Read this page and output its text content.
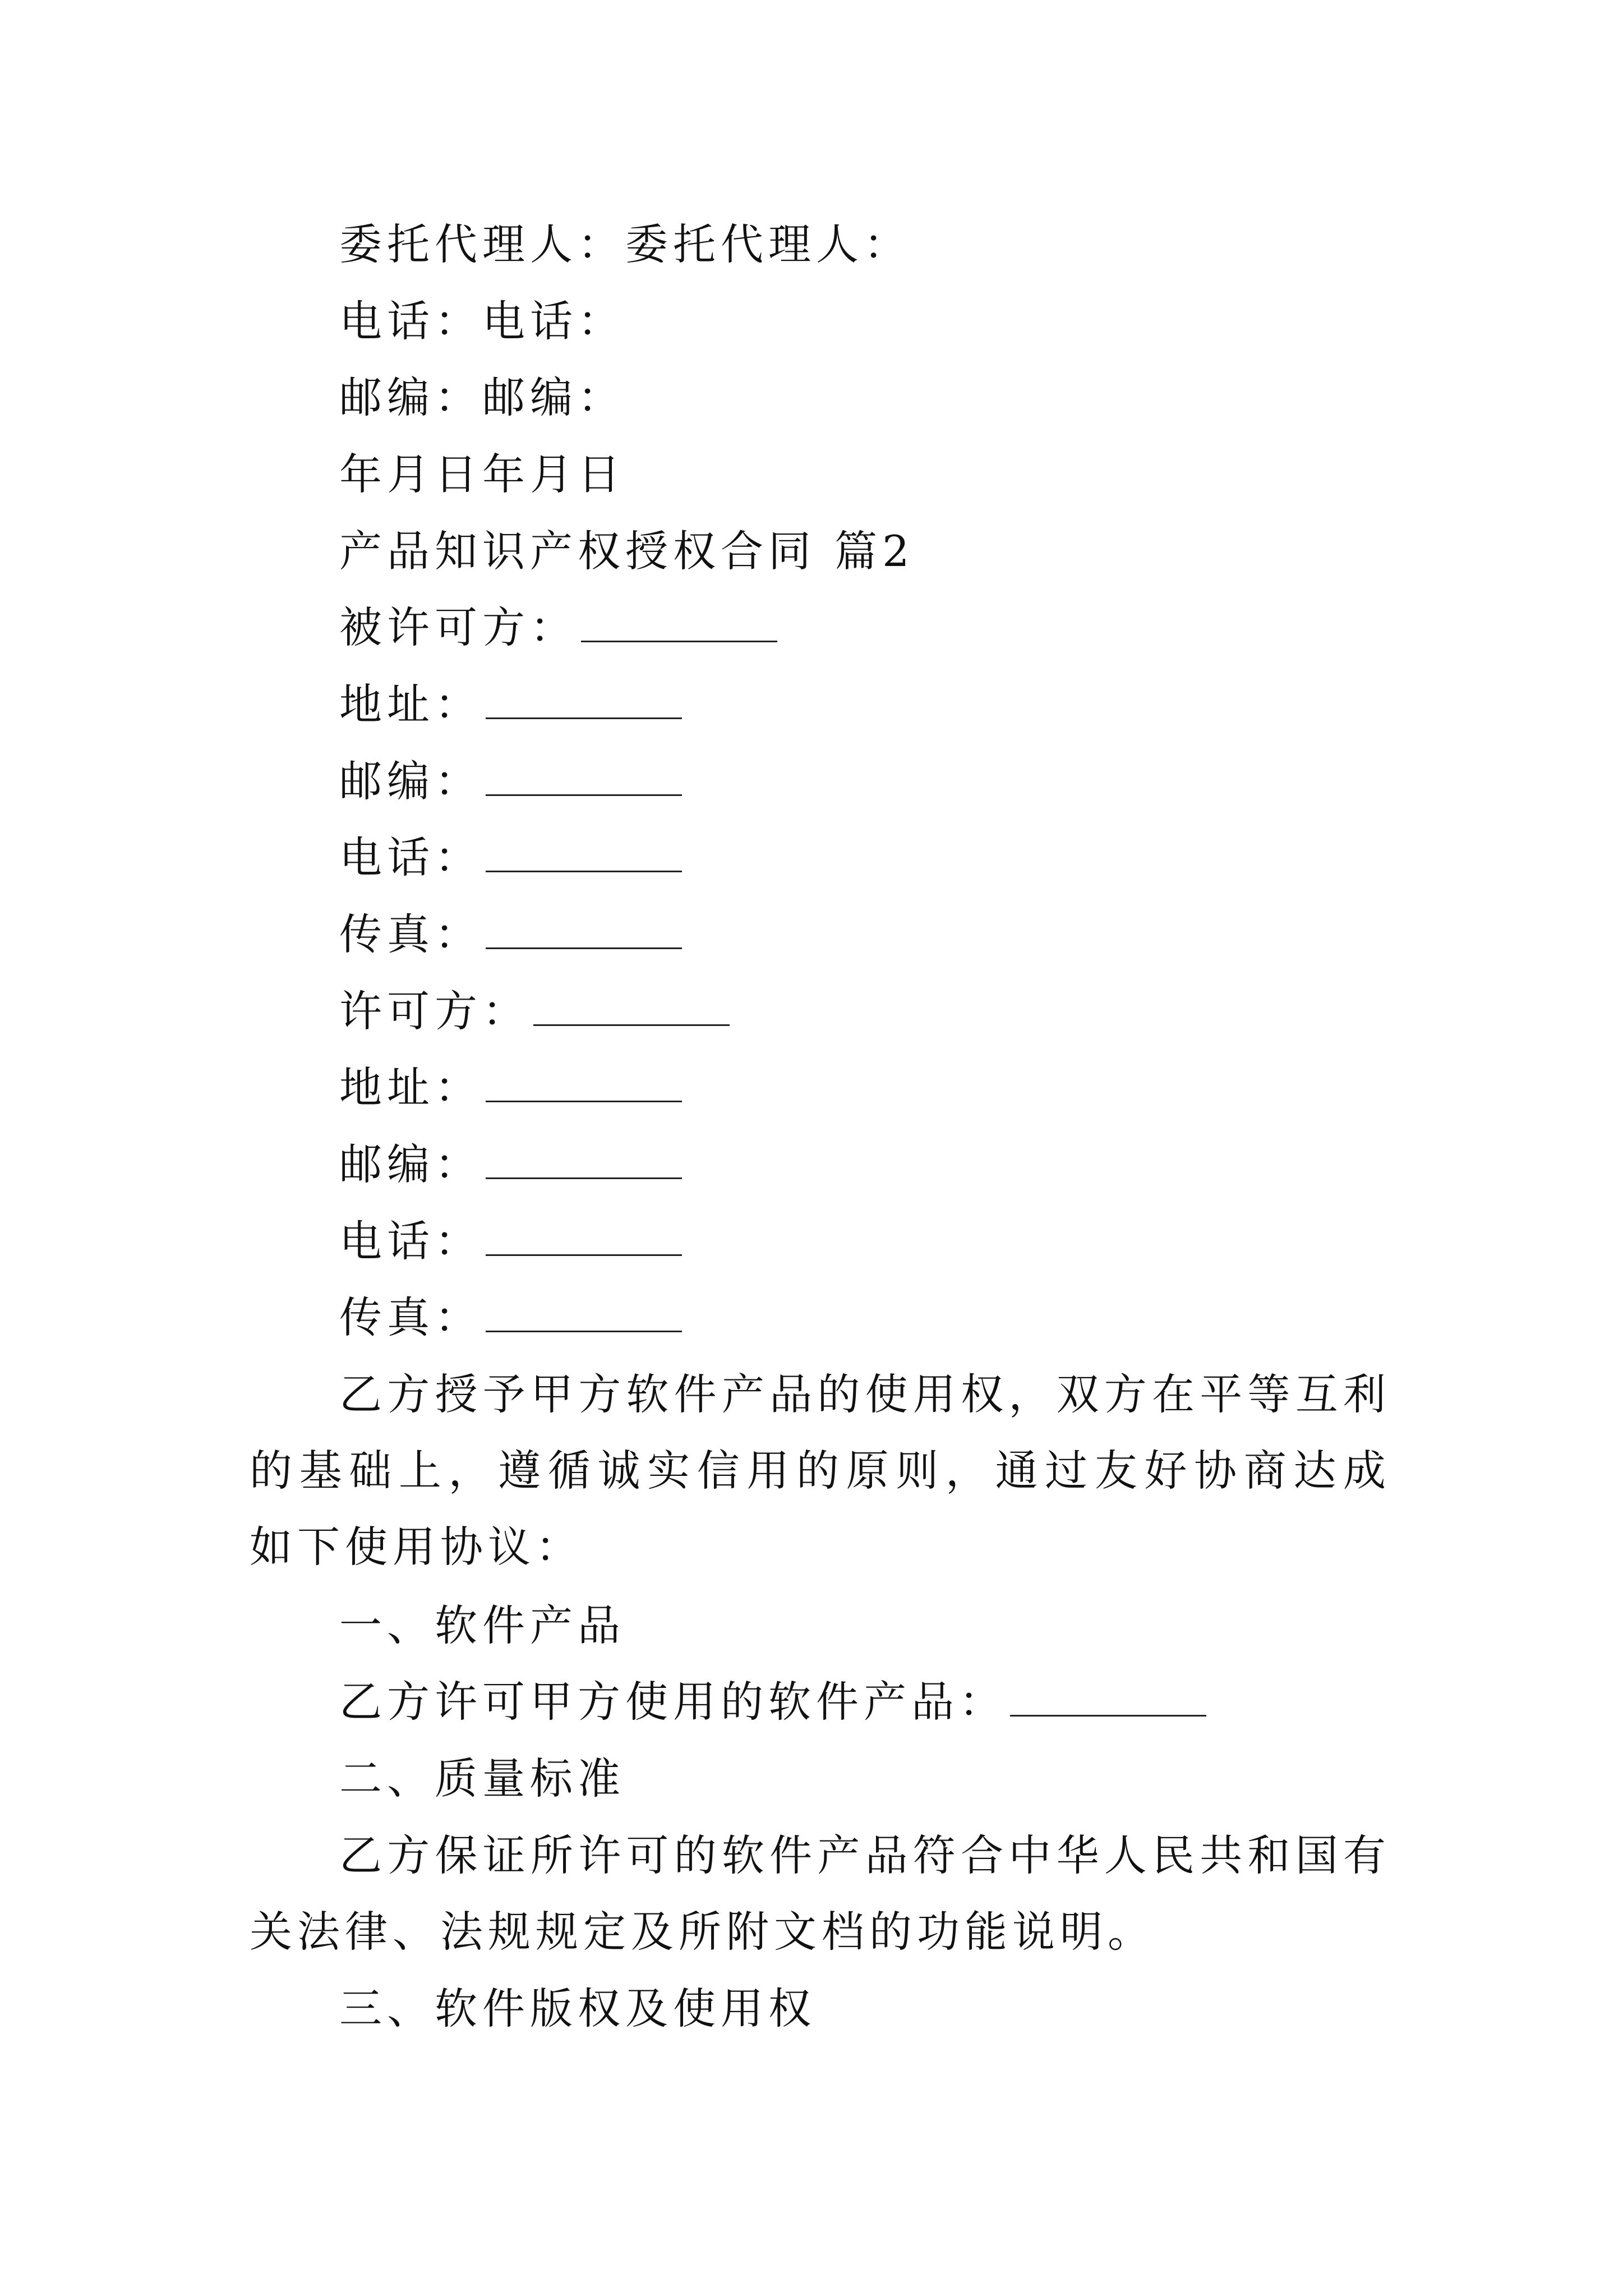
委托代理人：委托代理人：
电话：电话：
邮编：邮编：
年月日年月日
产品知识产权授权合同 篇2
被许可方：
地址：
邮编：
电话：
传真：
许可方：
地址：
邮编：
电话：
传真：
乙方授予甲方软件产品的使用权，双方在平等互利的基础上，遵循诚实信用的原则，通过友好协商达成如下使用协议：
一、软件产品
乙方许可甲方使用的软件产品：
二、质量标准
乙方保证所许可的软件产品符合中华人民共和国有关法律、法规规定及所附文档的功能说明。
三、软件版权及使用权
